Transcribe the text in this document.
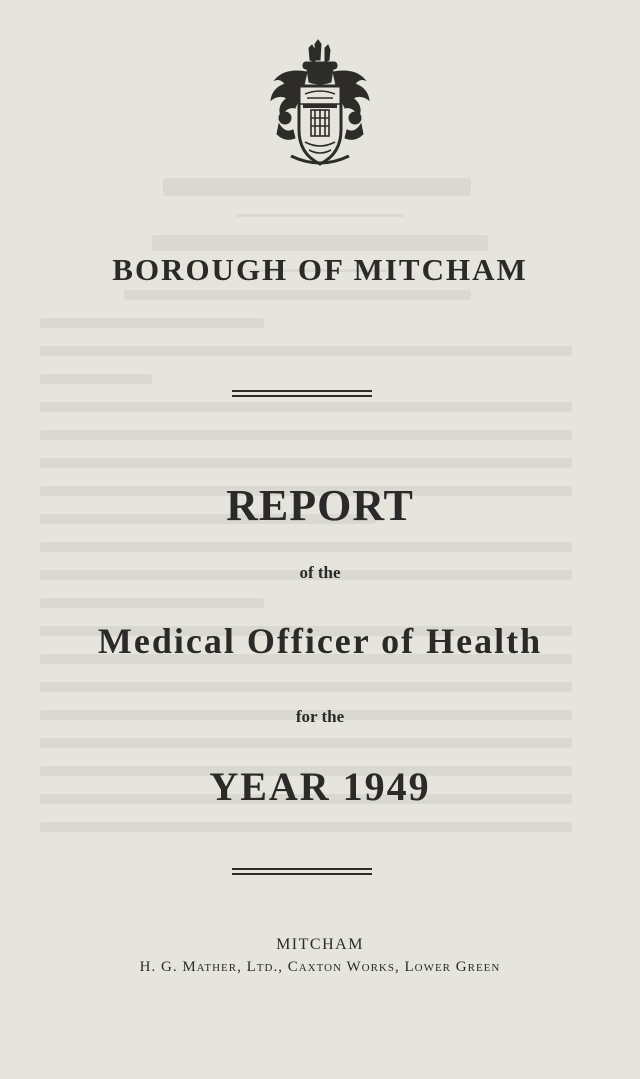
BOROUGH OF MITCHAM
REPORT
of the
Medical Officer of Health
for the
YEAR 1949
MITCHAM
H. G. Mather, Ltd., Caxton Works, Lower Green
